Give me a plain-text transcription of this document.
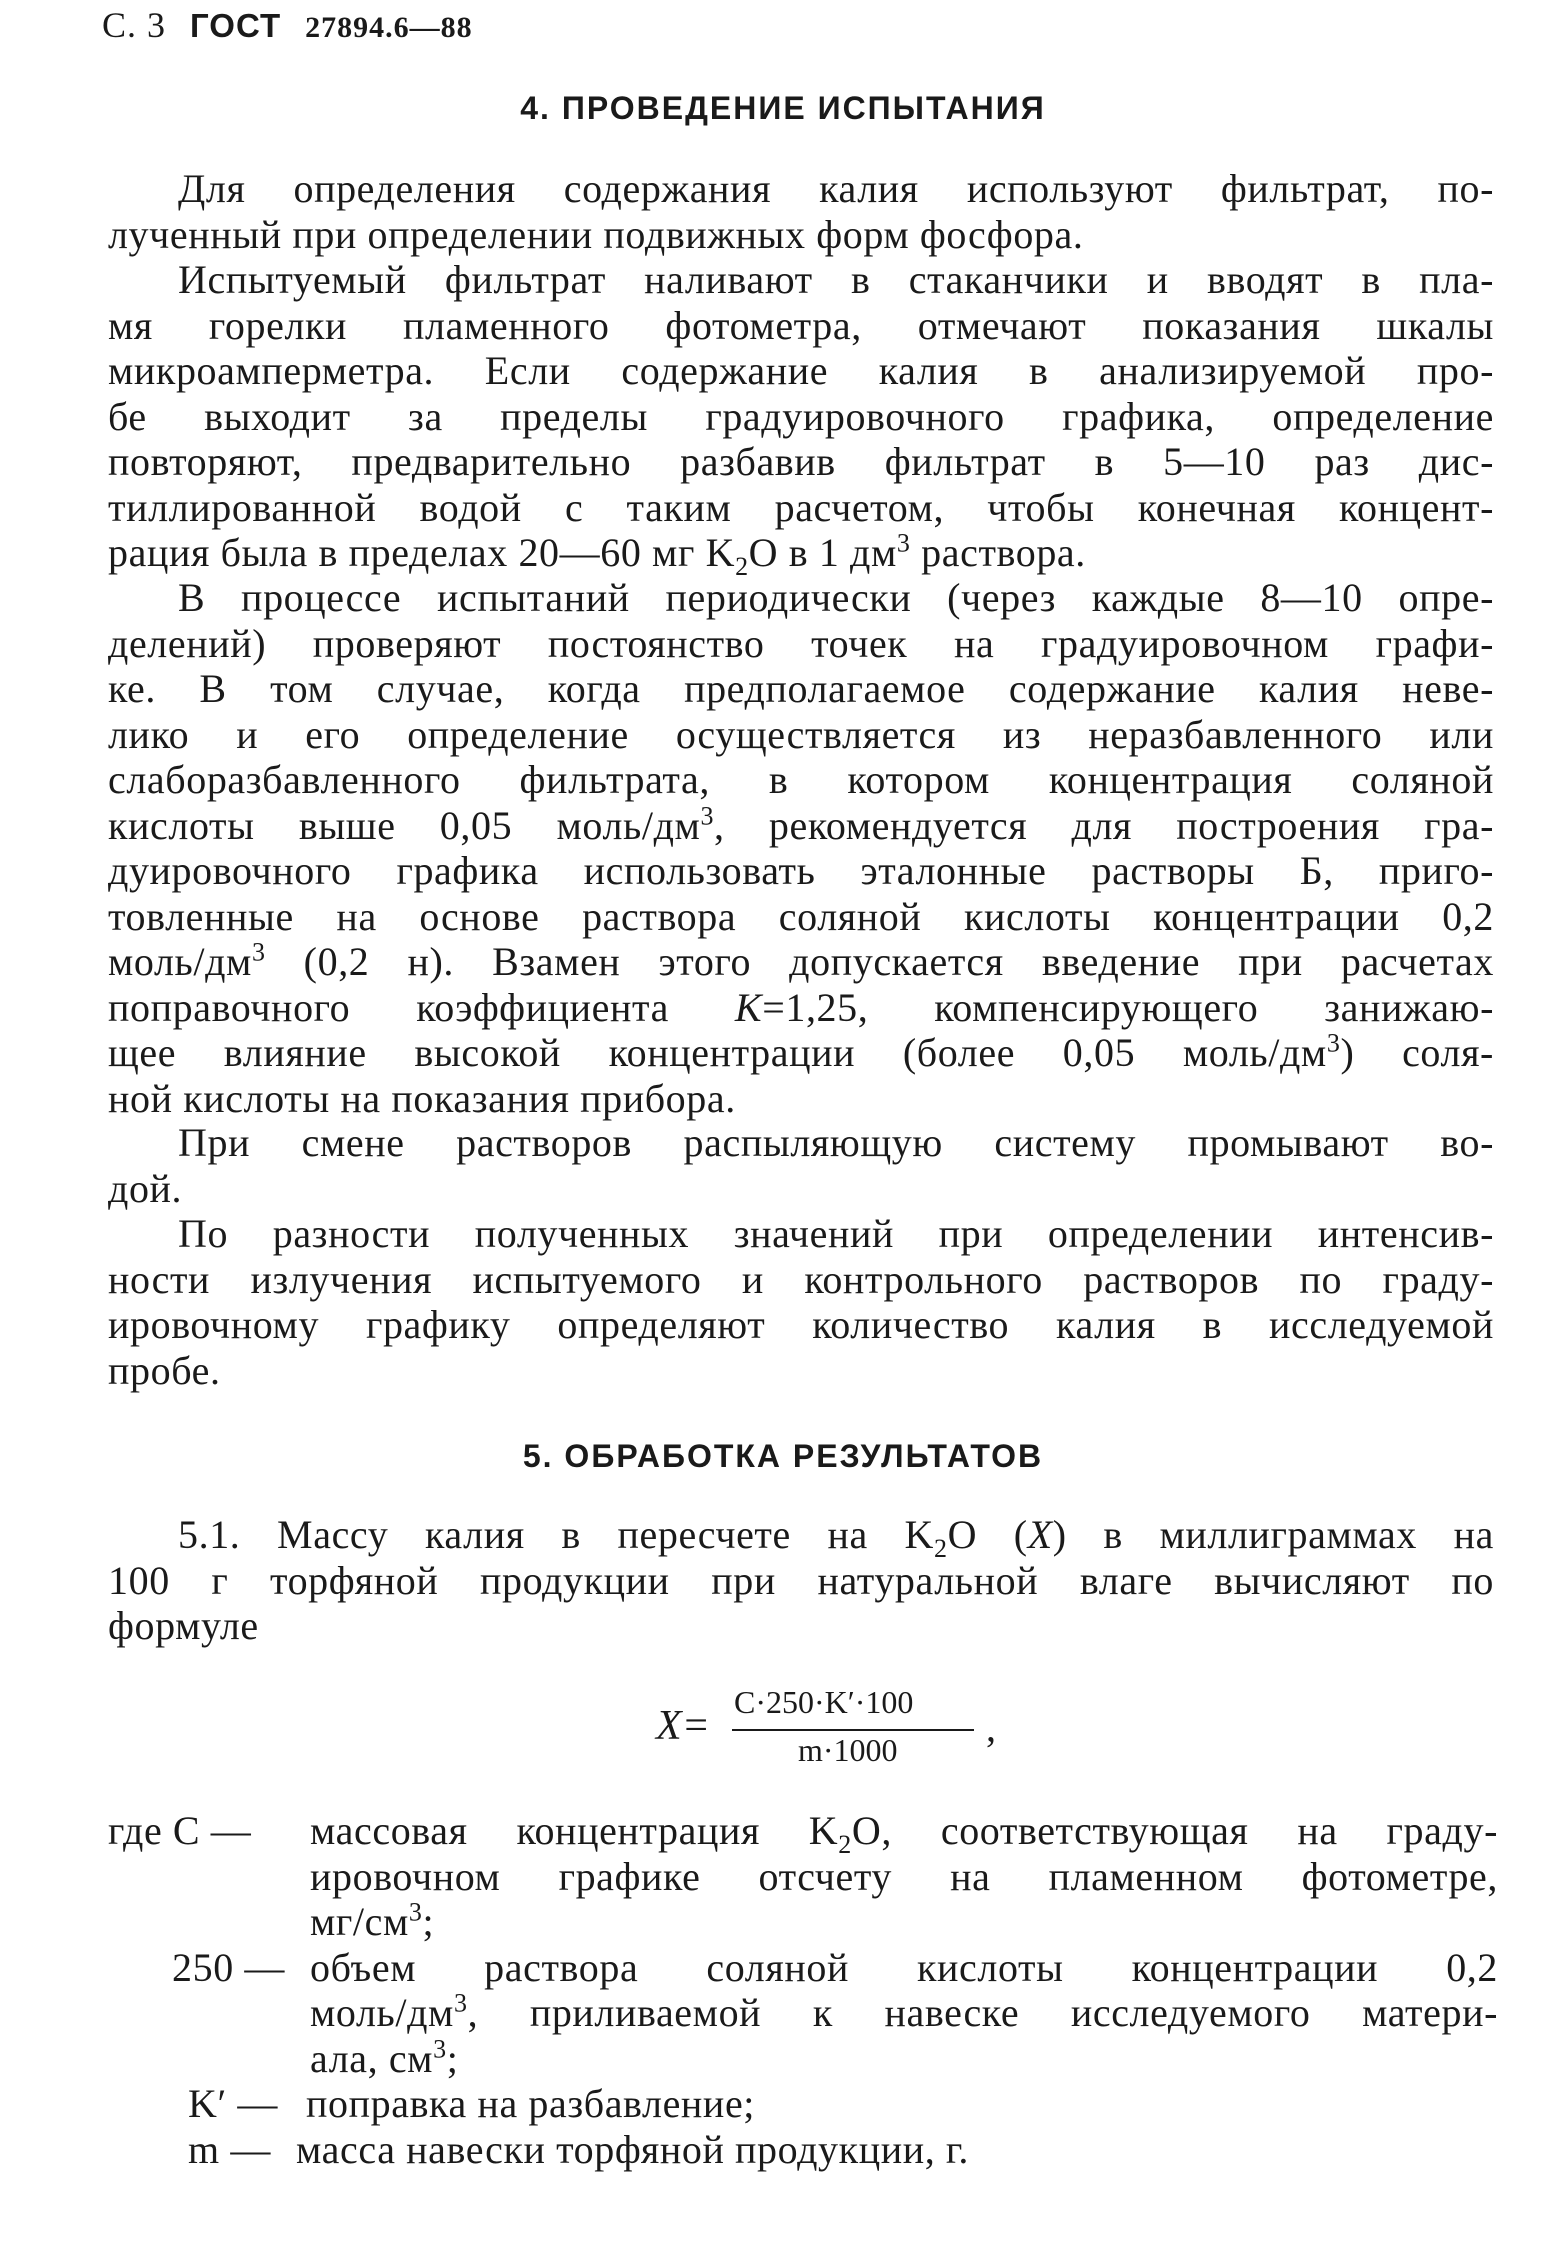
С. 3 ГОСТ 27894.6—88
4. ПРОВЕДЕНИЕ ИСПЫТАНИЯ
Для определения содержания калия используют фильтрат, по-
лученный при определении подвижных форм фосфора.
Испытуемый фильтрат наливают в стаканчики и вводят в пла-
мя горелки пламенного фотометра, отмечают показания шкалы
микроамперметра. Если содержание калия в анализируемой про-
бе выходит за пределы градуировочного графика, определение
повторяют, предварительно разбавив фильтрат в 5—10 раз дис-
тиллированной водой с таким расчетом, чтобы конечная концент-
рация была в пределах 20—60 мг $K_2O$ в 1 $дм^3$ раствора.
В процессе испытаний периодически (через каждые 8—10 опре-
делений) проверяют постоянство точек на градуировочном графи-
ке. В том случае, когда предполагаемое содержание калия неве-
лико и его определение осуществляется из неразбавленного или
слаборазбавленного фильтрата, в котором концентрация соляной
кислоты выше 0,05 моль/$дм^3$, рекомендуется для построения гра-
дуировочного графика использовать эталонные растворы Б, приго-
товленные на основе раствора соляной кислоты концентрации 0,2
моль/$дм^3$ (0,2 н). Взамен этого допускается введение при расчетах
поправочного коэффициента K=1,25, компенсирующего занижаю-
щее влияние высокой концентрации (более 0,05 моль/$дм^3$) соля-
ной кислоты на показания прибора.
При смене растворов распыляющую систему промывают во-
дой.
По разности полученных значений при определении интенсив-
ности излучения испытуемого и контрольного растворов по граду-
ировочному графику определяют количество калия в исследуемой
пробе.
5. ОБРАБОТКА РЕЗУЛЬТАТОВ
5.1. Массу калия в пересчете на $K_2O$ (X) в миллиграммах на
100 г торфяной продукции при натуральной влаге вычисляют по
формуле
X=
C·250·K′·100
m·1000 ,
где C — массовая концентрация $K_2O$, соответствующая на граду-
ировочном графике отсчету на пламенном фотометре,
$мг/см^3$;
250 — объем раствора соляной кислоты концентрации 0,2
моль/$дм^3$, приливаемой к навеске исследуемого матери-
ала, $см^3$;
K′ — поправка на разбавление;
m — масса навески торфяной продукции, г.
